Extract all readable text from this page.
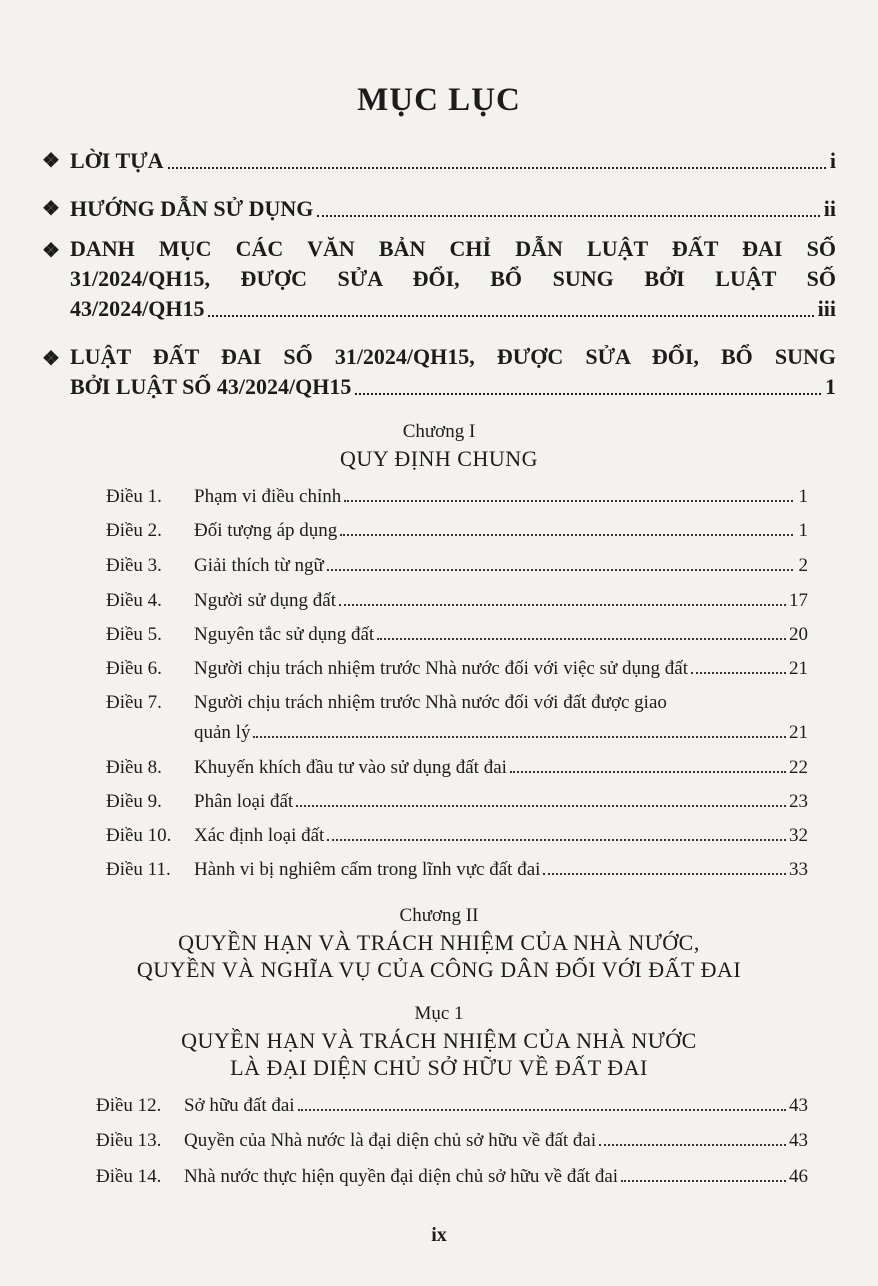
MỤC LỤC
❖ LỜI TỰA	i
❖ HƯỚNG DẪN SỬ DỤNG	ii
❖ DANH MỤC CÁC VĂN BẢN CHỈ DẪN LUẬT ĐẤT ĐAI SỐ
31/2024/QH15, ĐƯỢC SỬA ĐỔI, BỔ SUNG BỞI LUẬT SỐ
43/2024/QH15	iii
❖ LUẬT ĐẤT ĐAI SỐ 31/2024/QH15, ĐƯỢC SỬA ĐỔI, BỔ SUNG
BỞI LUẬT SỐ 43/2024/QH15	1
Chương I
QUY ĐỊNH CHUNG
Điều 1.	Phạm vi điều chỉnh	1
Điều 2.	Đối tượng áp dụng	1
Điều 3.	Giải thích từ ngữ	2
Điều 4.	Người sử dụng đất	17
Điều 5.	Nguyên tắc sử dụng đất	20
Điều 6.	Người chịu trách nhiệm trước Nhà nước đối với việc sử dụng đất	21
Điều 7.	Người chịu trách nhiệm trước Nhà nước đối với đất được giao
quản lý	21
Điều 8.	Khuyến khích đầu tư vào sử dụng đất đai	22
Điều 9.	Phân loại đất	23
Điều 10.	Xác định loại đất	32
Điều 11.	Hành vi bị nghiêm cấm trong lĩnh vực đất đai	33
Chương II
QUYỀN HẠN VÀ TRÁCH NHIỆM CỦA NHÀ NƯỚC,
QUYỀN VÀ NGHĨA VỤ CỦA CÔNG DÂN ĐỐI VỚI ĐẤT ĐAI
Mục 1
QUYỀN HẠN VÀ TRÁCH NHIỆM CỦA NHÀ NƯỚC
LÀ ĐẠI DIỆN CHỦ SỞ HỮU VỀ ĐẤT ĐAI
Điều 12.	Sở hữu đất đai	43
Điều 13.	Quyền của Nhà nước là đại diện chủ sở hữu về đất đai	43
Điều 14.	Nhà nước thực hiện quyền đại diện chủ sở hữu về đất đai	46
ix
